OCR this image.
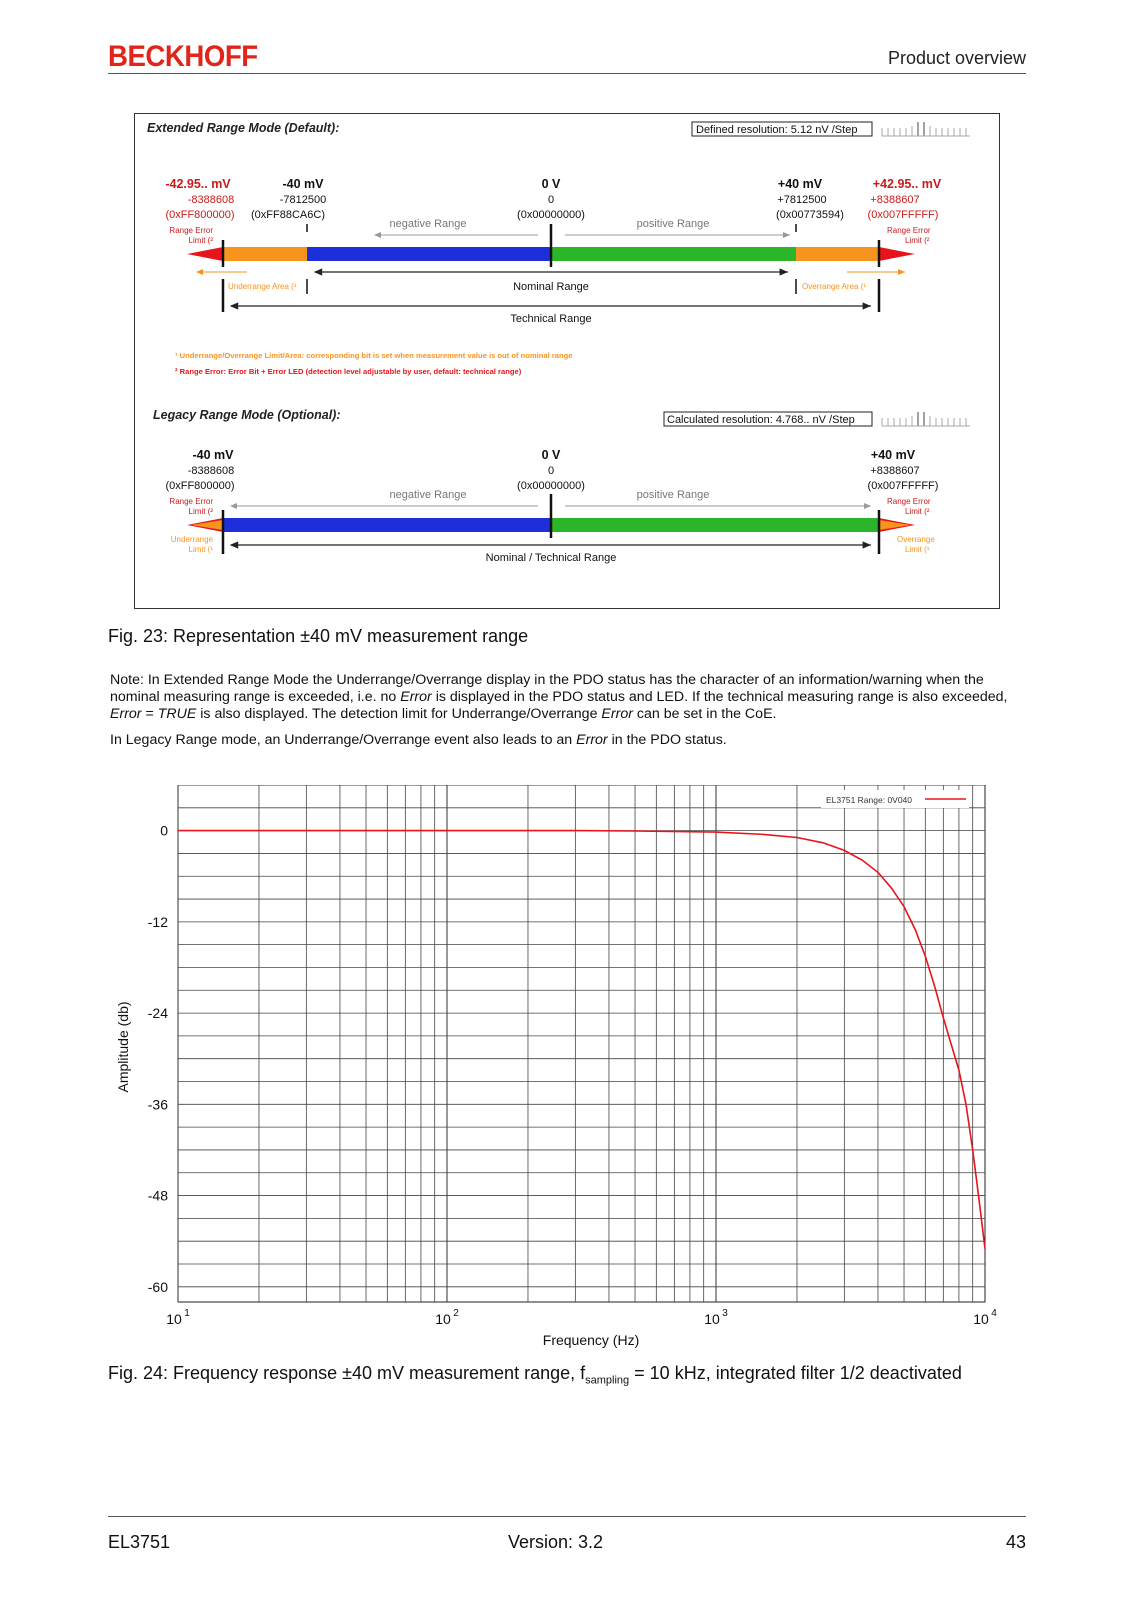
BECKHOFF	Product overview
Extended Range Mode (Default):	Defined resolution: 5.12 nV /Step
-42.95.. mV
-8388608
(0xFF800000)
-40 mV
-7812500
(0xFF88CA6C)
0 V
0
(0x00000000)
+40 mV
+7812500
(0x00773594)
+42.95.. mV
+8388607
(0x007FFFFF)
negative Range	positive Range
Range Error
Limit (²
Range Error
Limit (²
Underrange Area (¹	Overrange Area (¹
Nominal Range
Technical Range
¹ Underrange/Overrange Limit/Area: corresponding bit is set when measurement value is out of nominal range
² Range Error: Error Bit + Error LED (detection level adjustable by user, default: technical range)
Legacy Range Mode (Optional):	Calculated resolution: 4.768.. nV /Step
-40 mV
-8388608
(0xFF800000)
0 V
0
(0x00000000)
+40 mV
+8388607
(0x007FFFFF)
negative Range	positive Range
Range Error
Limit (²
Range Error
Limit (²
Underrange
Limit (¹
Overrange
Limit (¹
Nominal / Technical Range
Fig. 23: Representation ±40 mV measurement range
Note: In Extended Range Mode the Underrange/Overrange display in the PDO status has the character of an information/warning when the nominal measuring range is exceeded, i.e. no Error is displayed in the PDO status and LED. If the technical measuring range is also exceeded, Error = TRUE is also displayed. The detection limit for Underrange/Overrange Error can be set in the CoE.
In Legacy Range mode, an Underrange/Overrange event also leads to an Error in the PDO status.
0
-12
-24
-36
-48
-60
10 1	10 2	10 3	10 4
EL3751 Range: 0V040
Frequency (Hz)
Amplitude (db)
Fig. 24: Frequency response ±40 mV measurement range, $f_{sampling} = 10$ kHz, integrated filter 1/2 deactivated
EL3751	Version: 3.2	43
